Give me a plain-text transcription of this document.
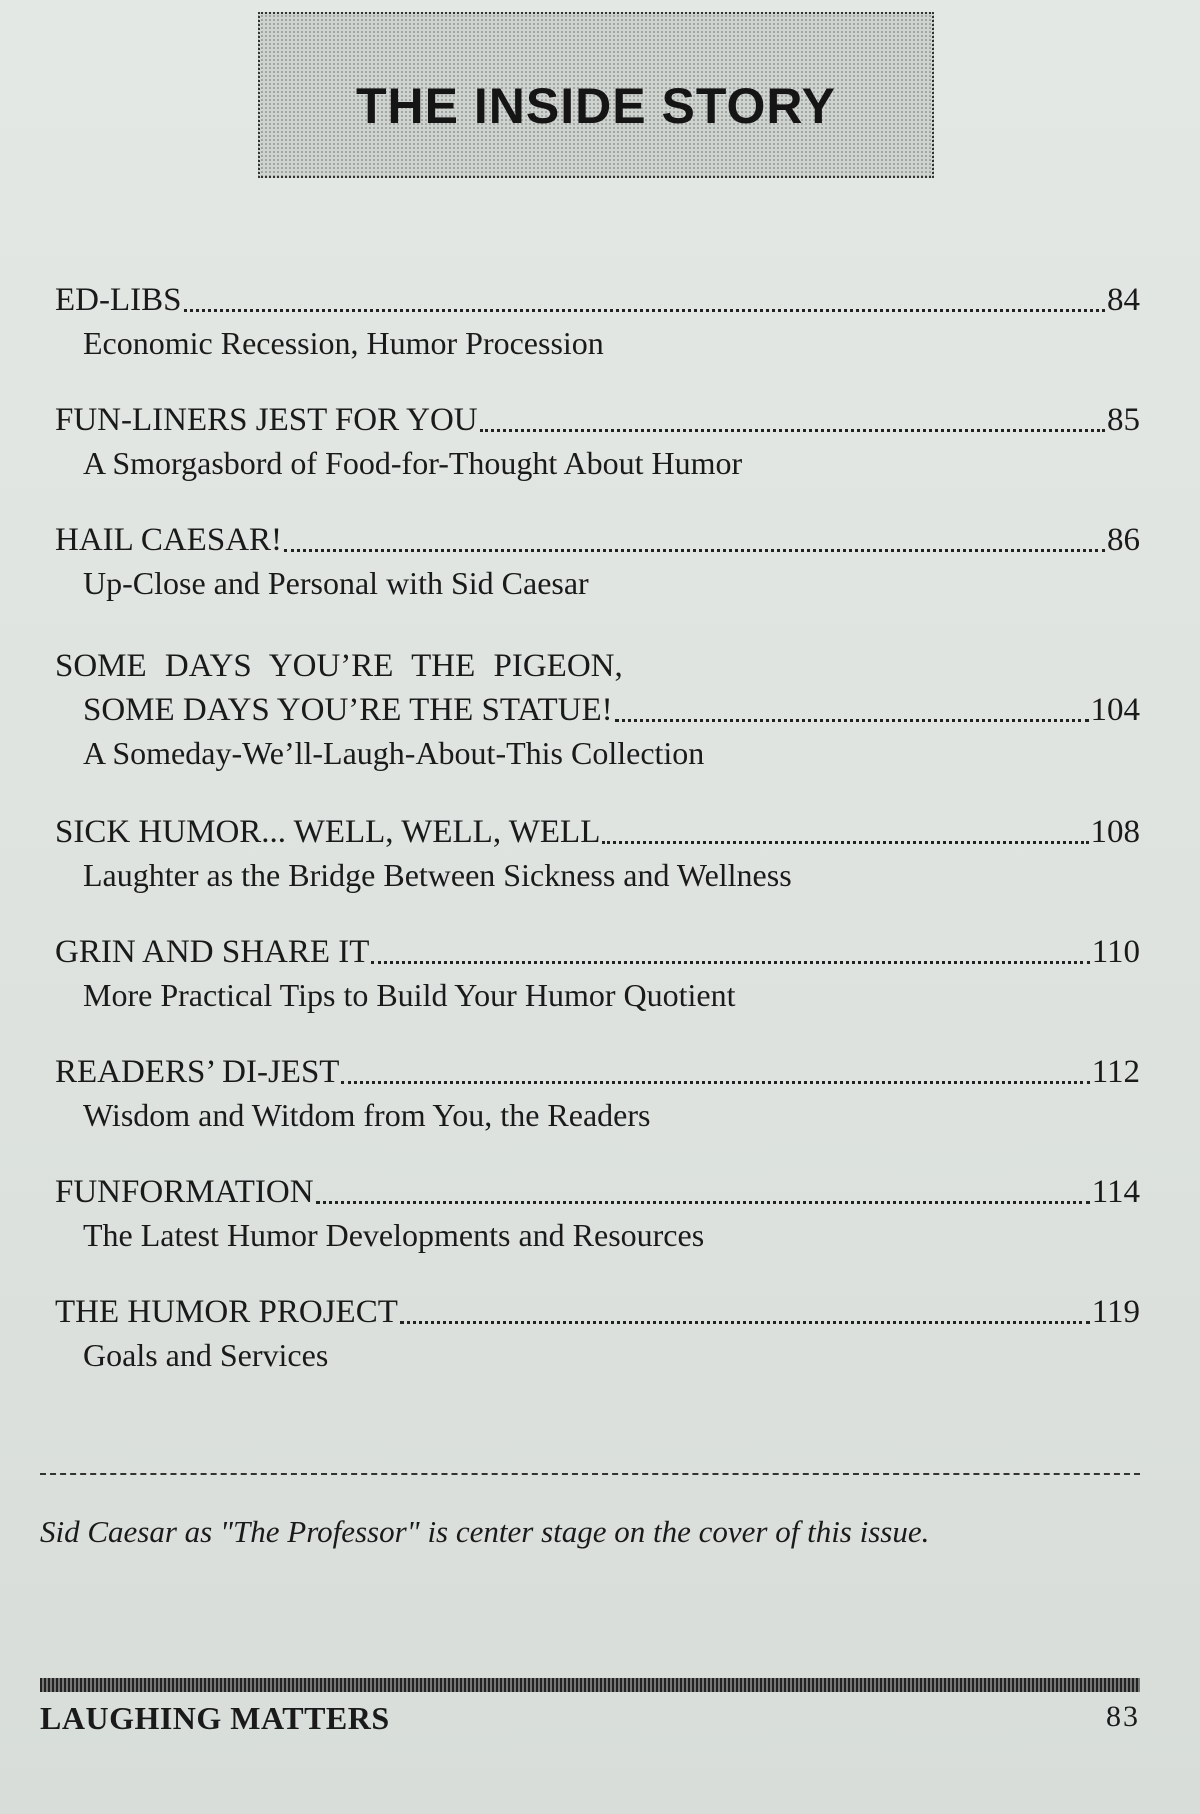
THE INSIDE STORY
ED-LIBS	84
Economic Recession, Humor Procession
FUN-LINERS JEST FOR YOU	85
A Smorgasbord of Food-for-Thought About Humor
HAIL CAESAR!	86
Up-Close and Personal with Sid Caesar
SOME DAYS YOU’RE THE PIGEON,
SOME DAYS YOU’RE THE STATUE!	104
A Someday-We’ll-Laugh-About-This Collection
SICK HUMOR... WELL, WELL, WELL	108
Laughter as the Bridge Between Sickness and Wellness
GRIN AND SHARE IT	110
More Practical Tips to Build Your Humor Quotient
READERS’ DI-JEST	112
Wisdom and Witdom from You, the Readers
FUNFORMATION	114
The Latest Humor Developments and Resources
THE HUMOR PROJECT	119
Goals and Services
Sid Caesar as "The Professor" is center stage on the cover of this issue.
LAUGHING MATTERS	83
